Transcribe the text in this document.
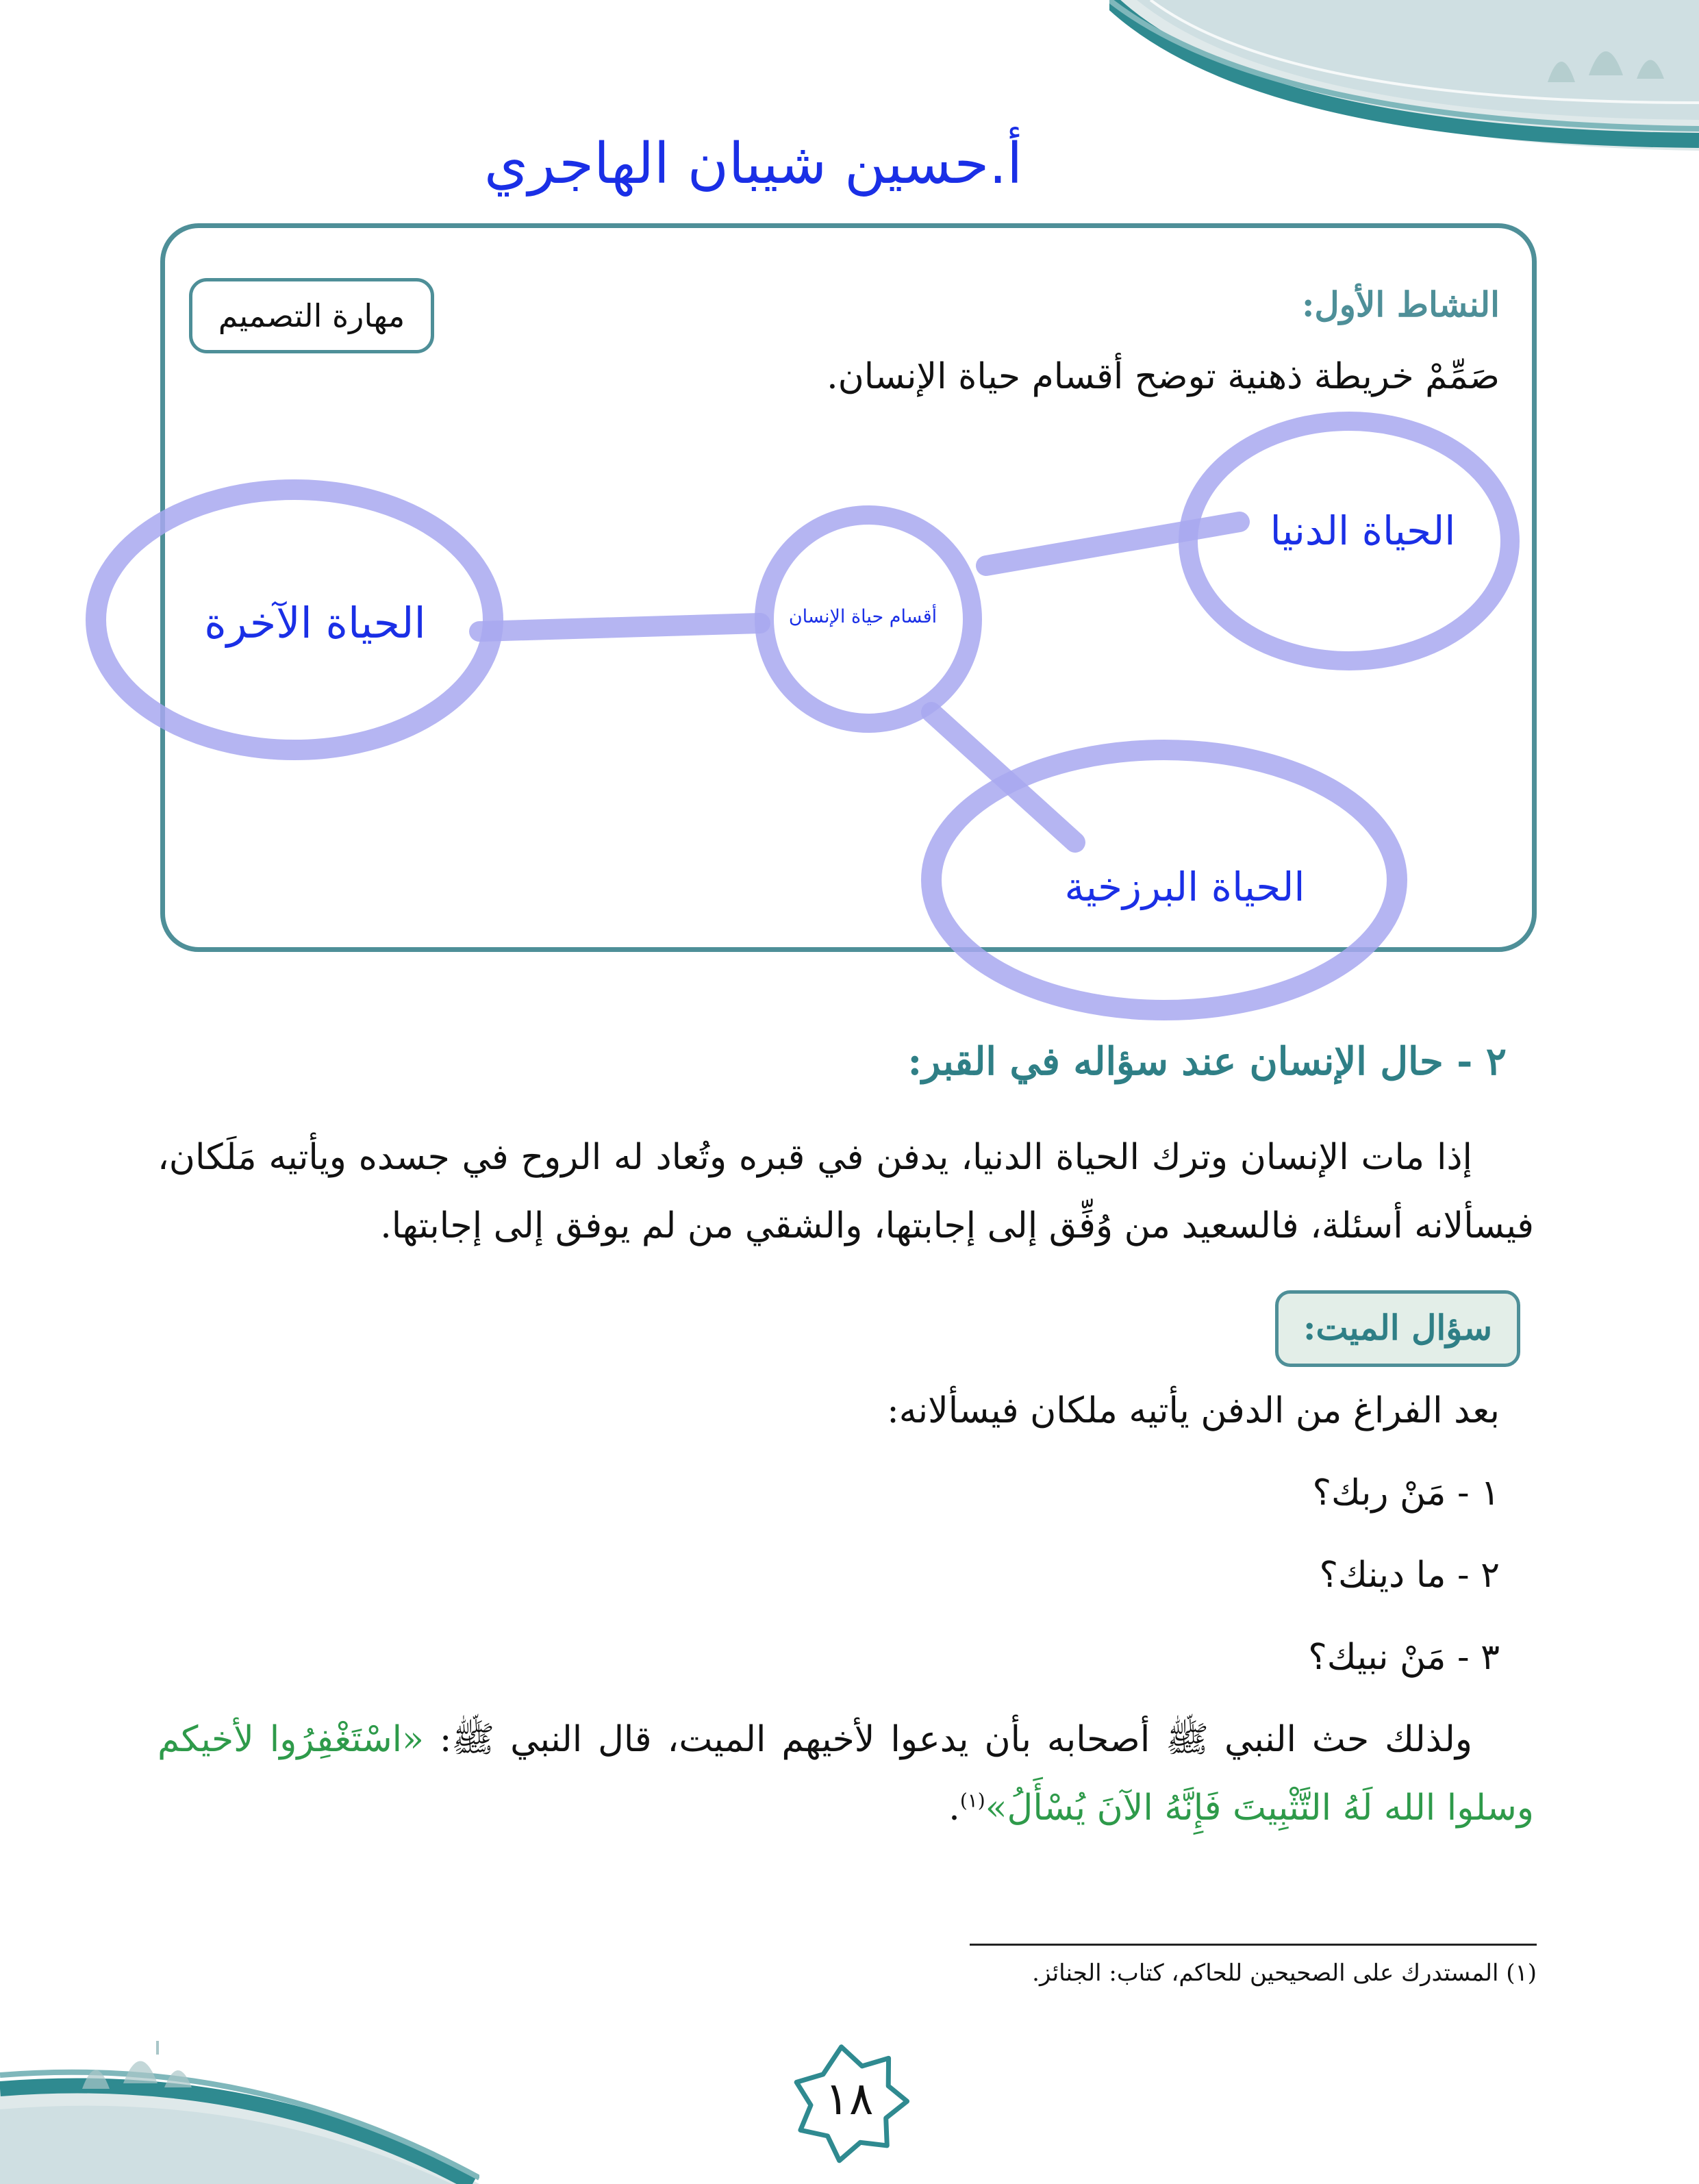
أ.حسين شيبان الهاجري
مهارة التصميم	النشاط الأول:
صَمِّمْ خريطة ذهنية توضح أقسام حياة الإنسان.
أقسام حياة الإنسان
الحياة الدنيا
الحياة الآخرة
الحياة البرزخية
٢ - حال الإنسان عند سؤاله في القبر:
إذا مات الإنسان وترك الحياة الدنيا، يدفن في قبره وتُعاد له الروح في جسده ويأتيه مَلَكان، فيسألانه أسئلة، فالسعيد من وُفِّق إلى إجابتها، والشقي من لم يوفق إلى إجابتها.
سؤال الميت:
بعد الفراغ من الدفن يأتيه ملكان فيسألانه:
١ - مَنْ ربك؟
٢ - ما دينك؟
٣ - مَنْ نبيك؟
ولذلك حث النبي ﷺ أصحابه بأن يدعوا لأخيهم الميت، قال النبي ﷺ: «اسْتَغْفِرُوا لأخيكم وسلوا الله لَهُ التَّثْبِيتَ فَإِنَّهُ الآنَ يُسْأَلُ»$^{(١)}$.
(١) المستدرك على الصحيحين للحاكم، كتاب: الجنائز.
١٨
